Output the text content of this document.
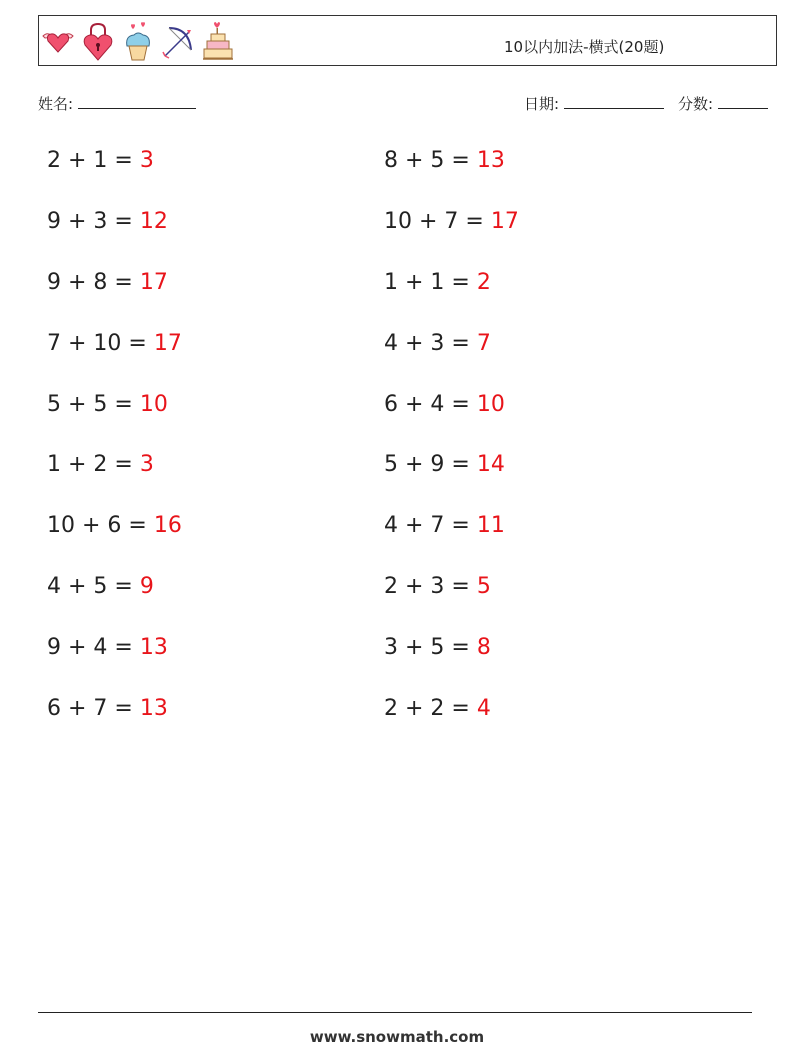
10以内加法-横式(20题)
姓名:	日期:	分数:
2 + 1 = 3	8 + 5 = 13
9 + 3 = 12	10 + 7 = 17
9 + 8 = 17	1 + 1 = 2
7 + 10 = 17	4 + 3 = 7
5 + 5 = 10	6 + 4 = 10
1 + 2 = 3	5 + 9 = 14
10 + 6 = 16	4 + 7 = 11
4 + 5 = 9	2 + 3 = 5
9 + 4 = 13	3 + 5 = 8
6 + 7 = 13	2 + 2 = 4
www.snowmath.com
